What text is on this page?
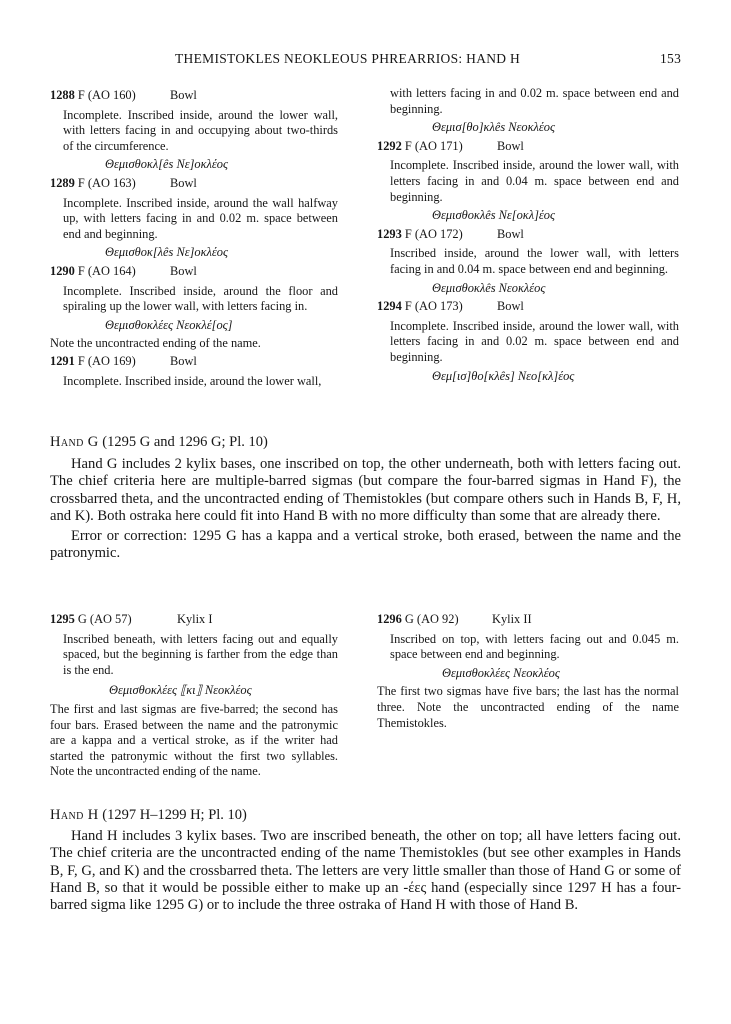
THEMISTOKLES NEOKLEOUS PHREARRIOS: HAND H	153
1288 F (AO 160)	Bowl

Incomplete. Inscribed inside, around the lower wall, with letters facing in and occupying about two-thirds of the circumference.

Θεμισθοκλ[ês Νε]οκλέος

1289 F (AO 163)	Bowl

Incomplete. Inscribed inside, around the wall halfway up, with letters facing in and 0.02 m. space between end and beginning.

Θεμισθοκ[λês Νε]οκλέος

1290 F (AO 164)	Bowl

Incomplete. Inscribed inside, around the floor and spiraling up the lower wall, with letters facing in.

Θεμισθοκλέες Νεοκλέ[ος]

Note the uncontracted ending of the name.

1291 F (AO 169)	Bowl

Incomplete. Inscribed inside, around the lower wall,

with letters facing in and 0.02 m. space between end and beginning.

Θεμισ[θο]κλês Νεοκλέος

1292 F (AO 171)	Bowl

Incomplete. Inscribed inside, around the lower wall, with letters facing in and 0.04 m. space between end and beginning.

Θεμισθοκλês Νε[οκλ]έος

1293 F (AO 172)	Bowl

Inscribed inside, around the lower wall, with letters facing in and 0.04 m. space between end and beginning.

Θεμισθοκλês Νεοκλέος

1294 F (AO 173)	Bowl

Incomplete. Inscribed inside, around the lower wall, with letters facing in and 0.02 m. space between end and beginning.

Θεμ[ισ]θο[κλês] Νεο[κλ]έος

Hand G (1295 G and 1296 G; Pl. 10)

Hand G includes 2 kylix bases, one inscribed on top, the other underneath, both with letters facing out. The chief criteria here are multiple-barred sigmas (but compare the four-barred sigmas in Hand F), the crossbarred theta, and the uncontracted ending of Themistokles (but compare others such in Hands B, F, H, and K). Both ostraka here could fit into Hand B with no more difficulty than some that are already there.

Error or correction: 1295 G has a kappa and a vertical stroke, both erased, between the name and the patronymic.

1295 G (AO 57)	Kylix I

Inscribed beneath, with letters facing out and equally spaced, but the beginning is farther from the edge than is the end.

Θεμισθοκλέες ⟦κι⟧ Νεοκλέος

The first and last sigmas are five-barred; the second has four bars. Erased between the name and the patronymic are a kappa and a vertical stroke, as if the writer had started the patronymic without the first two syllables. Note the uncontracted ending of the name.

1296 G (AO 92)	Kylix II

Inscribed on top, with letters facing out and 0.045 m. space between end and beginning.

Θεμισθοκλέες Νεοκλέος

The first two sigmas have five bars; the last has the normal three. Note the uncontracted ending of the name Themistokles.

Hand H (1297 H–1299 H; Pl. 10)

Hand H includes 3 kylix bases. Two are inscribed beneath, the other on top; all have letters facing out. The chief criteria are the uncontracted ending of the name Themistokles (but see other examples in Hands B, F, G, and K) and the crossbarred theta. The letters are very little smaller than those of Hand G or some of Hand B, so that it would be possible either to make up an -έες hand (especially since 1297 H has a four-barred sigma like 1295 G) or to include the three ostraka of Hand H with those of Hand B.
